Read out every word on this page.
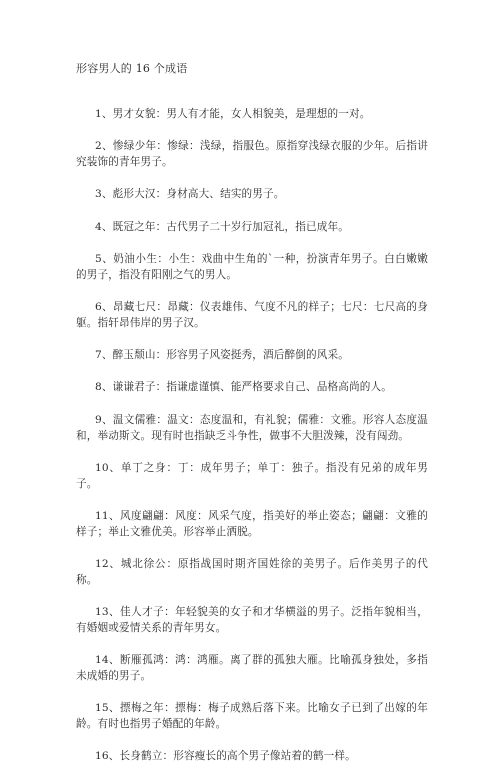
形容男人的 16 个成语

1、男才女貌：男人有才能，女人相貌美，是理想的一对。

2、惨绿少年：惨绿：浅绿，指服色。原指穿浅绿衣服的少年。后指讲究装饰的青年男子。

3、彪形大汉：身材高大、结实的男子。

4、既冠之年：古代男子二十岁行加冠礼，指已成年。

5、奶油小生：小生：戏曲中生角的`一种，扮演青年男子。白白嫩嫩的男子，指没有阳刚之气的男人。

6、昂藏七尺：昂藏：仪表雄伟、气度不凡的样子；七尺：七尺高的身躯。指轩昂伟岸的男子汉。

7、醉玉颓山：形容男子风姿挺秀，酒后醉倒的风采。

8、谦谦君子：指谦虚谨慎、能严格要求自己、品格高尚的人。

9、温文儒雅：温文：态度温和，有礼貌；儒雅：文雅。形容人态度温和，举动斯文。现有时也指缺乏斗争性，做事不大胆泼辣，没有闯劲。

10、单丁之身：丁：成年男子；单丁：独子。指没有兄弟的成年男子。

11、风度翩翩：风度：风采气度，指美好的举止姿态；翩翩：文雅的样子；举止文雅优美。形容举止洒脱。

12、城北徐公：原指战国时期齐国姓徐的美男子。后作美男子的代称。

13、佳人才子：年轻貌美的女子和才华横溢的男子。泛指年貌相当，有婚姻或爱情关系的青年男女。

14、断雁孤鸿：鸿：鸿雁。离了群的孤独大雁。比喻孤身独处，多指未成婚的男子。

15、摽梅之年：摽梅：梅子成熟后落下来。比喻女子已到了出嫁的年龄。有时也指男子婚配的年龄。

16、长身鹤立：形容瘦长的高个男子像站着的鹤一样。
